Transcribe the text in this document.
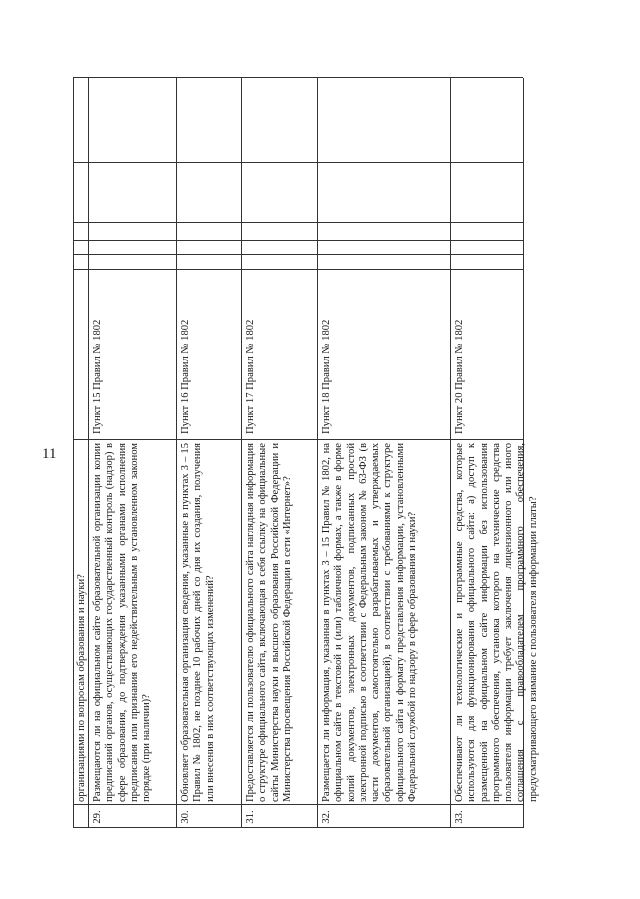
11
организациями по вопросам образования и науки?
29.
Размещаются ли на официальном сайте образовательной организации копии предписаний органов, осуществляющих государственный контроль (надзор) в сфере образования, до подтверждения указанными органами исполнения предписания или признания его недействительным в установленном законом порядке (при наличии)?
Пункт 15 Правил № 1802
30.
Обновляет образовательная организация сведения, указанные в пунктах 3 – 15 Правил № 1802, не позднее 10 рабочих дней со дня их создания, получения или внесения в них соответствующих изменений?
Пункт 16 Правил № 1802
31.
Предоставляется ли пользователю официального сайта наглядная информация о структуре официального сайта, включающая в себя ссылку на официальные сайты Министерства науки и высшего образования Российской Федерации и Министерства просвещения Российской Федерации в сети «Интернет»?
Пункт 17 Правил № 1802
32.
Размещается ли информация, указанная в пунктах 3 – 15 Правил № 1802, на официальном сайте в текстовой и (или) табличной формах, а также в форме копий документов, электронных документов, подписанных простой электронной подписью в соответствии с Федеральным законом № 63-ФЗ (в части документов, самостоятельно разрабатываемых и утверждаемых образовательной организацией), в соответствии с требованиями к структуре официального сайта и формату представления информации, установленными Федеральной службой по надзору в сфере образования и науки?
Пункт 18 Правил № 1802
33.
Обеспечивают ли технологические и программные средства, которые используются для функционирования официального сайта: а) доступ к размещенной на официальном сайте информации без использования программного обеспечения, установка которого на технические средства пользователя информации требует заключения лицензионного или иного соглашения с правообладателем программного обеспечения, предусматривающего взимание с пользователя информации платы?
Пункт 20 Правил № 1802
